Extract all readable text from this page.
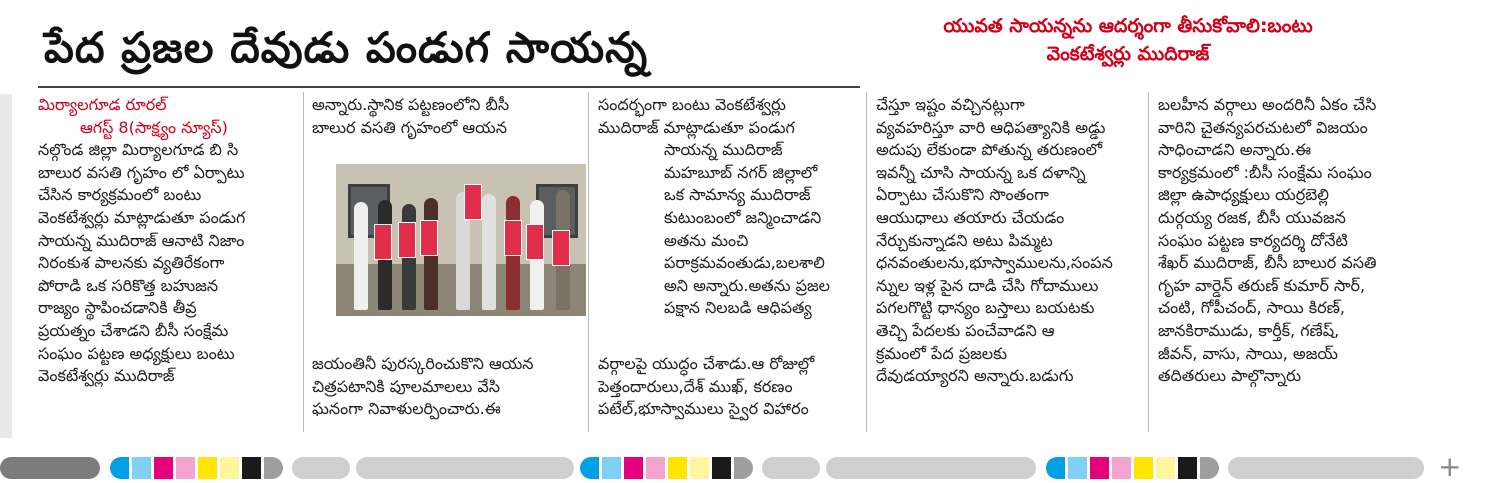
పేద ప్రజల దేవుడు పండుగ సాయన్న	యువత సాయన్నను ఆదర్శంగా తీసుకోవాలి:బంటు
వెంకటేశ్వర్లు ముదిరాజ్
మిర్యాలగూడ రూరల్
ఆగస్ట్ 8(సాక్ష్యం న్యూస్)
నల్గొండ జిల్లా మిర్యాలగూడ బి సి
బాలుర వసతి గృహం లో ఏర్పాటు
చేసిన కార్యక్రమంలో బంటు
వెంకటేశ్వర్లు మాట్లాడుతూ పండుగ
సాయన్న ముదిరాజ్ ఆనాటి నిజాం
నిరంకుశ పాలనకు వ్యతిరేకంగా
పోరాడి ఒక సరికొత్త బహుజన
రాజ్యం స్థాపించడానికి తీవ్ర
ప్రయత్నం చేశాడని బీసీ సంక్షేమ
సంఘం పట్టణ అధ్యక్షులు బంటు
వెంకటేశ్వర్లు ముదిరాజ్
అన్నారు.స్థానిక పట్టణంలోని బీసీ
బాలుర వసతి గృహంలో ఆయన
జయంతినీ పురస్కరించుకొని ఆయన
చిత్రపటానికి పూలమాలలు వేసి
ఘనంగా నివాళులర్పించారు.ఈ
సందర్భంగా బంటు వెంకటేశ్వర్లు
ముదిరాజ్ మాట్లాడుతూ పండుగ
సాయన్న ముదిరాజ్
మహబూబ్ నగర్ జిల్లాలో
ఒక సామాన్య ముదిరాజ్
కుటుంబంలో జన్మించాడని
అతను మంచి
పరాక్రమవంతుడు,బలశాలి
అని అన్నారు.అతను ప్రజల
పక్షాన నిలబడి ఆధిపత్య
వర్గాలపై యుద్ధం చేశాడు.ఆ రోజుల్లో
పెత్తందారులు,దేశ్ ముఖ్, కరణం
పటేల్,భూస్వాములు స్వైర విహారం
చేస్తూ ఇష్టం వచ్చినట్లుగా
వ్యవహరిస్తూ వారి ఆధిపత్యానికి అడ్డు
అదుపు లేకుండా పోతున్న తరుణంలో
ఇవన్నీ చూసి సాయన్న ఒక దళాన్ని
ఏర్పాటు చేసుకొని సొంతంగా
ఆయుధాలు తయారు చేయడం
నేర్చుకున్నాడని అటు పిమ్మట
ధనవంతులను,భూస్వాములను,సంపన
న్నుల ఇళ్ల పైన దాడి చేసి గోదాములు
పగలగొట్టి ధాన్యం బస్తాలు బయటకు
తెచ్చి పేదలకు పంచేవాడని ఆ
క్రమంలో పేద ప్రజలకు
దేవుడయ్యారని అన్నారు.బడుగు
బలహీన వర్గాలు అందరినీ ఏకం చేసి
వారిని చైతన్యపరచుటలో విజయం
సాధించాడని అన్నారు.ఈ
కార్యక్రమంలో :బీసీ సంక్షేమ సంఘం
జిల్లా ఉపాధ్యక్షులు యర్రబెల్లి
దుర్గయ్య రజక, బీసీ యువజన
సంఘం పట్టణ కార్యదర్శి దోనేటి
శేఖర్ ముదిరాజ్, బీసీ బాలుర వసతి
గృహ వార్డెన్ తరుణ్ కుమార్ సార్,
చంటి, గోపీచంద్, సాయి కిరణ్,
జానకిరాముడు, కార్తీక్, గణేష్,
జీవన్, వాసు, సాయి, అజయ్
తదితరులు పాల్గొన్నారు
+
